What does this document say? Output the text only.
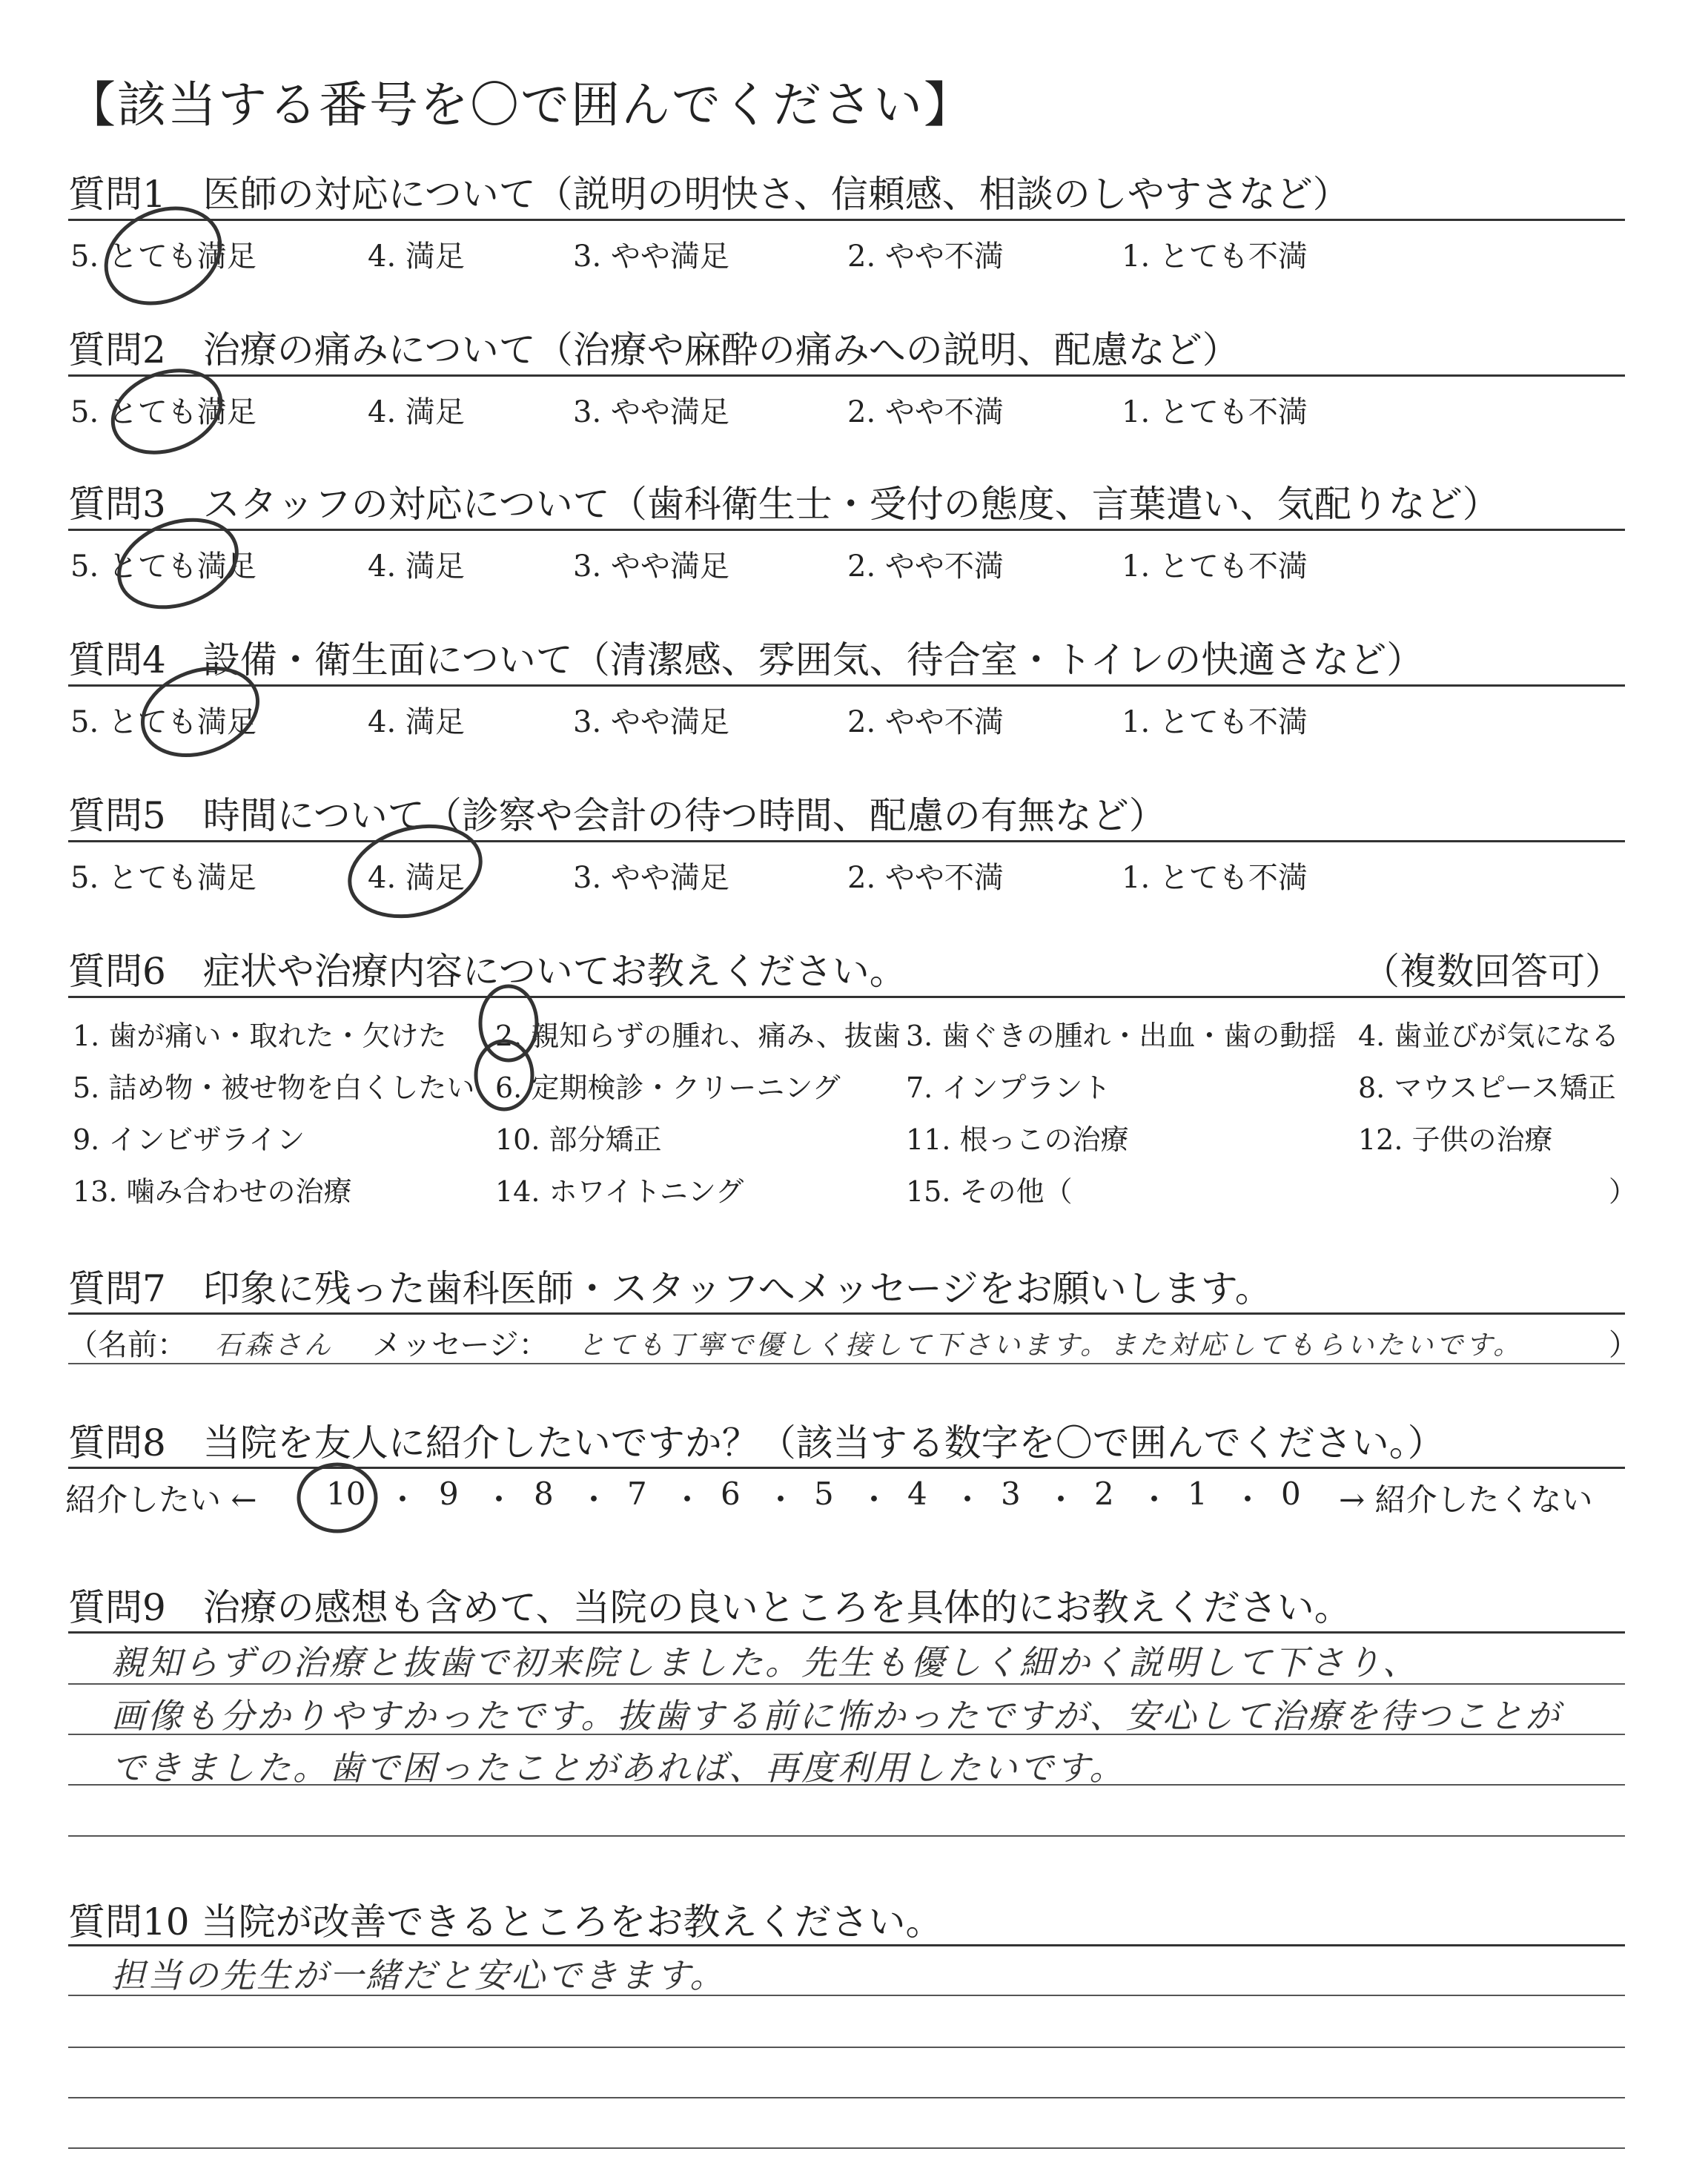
【該当する番号を〇で囲んでください】
質問1　医師の対応について（説明の明快さ、信頼感、相談のしやすさなど）
5. とても満足	4. 満足	3. やや満足	2. やや不満	1. とても不満
質問2　治療の痛みについて（治療や麻酔の痛みへの説明、配慮など）
5. とても満足	4. 満足	3. やや満足	2. やや不満	1. とても不満
質問3　スタッフの対応について（歯科衛生士・受付の態度、言葉遣い、気配りなど）
5. とても満足	4. 満足	3. やや満足	2. やや不満	1. とても不満
質問4　設備・衛生面について（清潔感、雰囲気、待合室・トイレの快適さなど）
5. とても満足	4. 満足	3. やや満足	2. やや不満	1. とても不満
質問5　時間について（診察や会計の待つ時間、配慮の有無など）
5. とても満足	4. 満足	3. やや満足	2. やや不満	1. とても不満
質問6　症状や治療内容についてお教えください。	（複数回答可）
1. 歯が痛い・取れた・欠けた 2. 親知らずの腫れ、痛み、抜歯 3. 歯ぐきの腫れ・出血・歯の動揺 4. 歯並びが気になる
5. 詰め物・被せ物を白くしたい 6. 定期検診・クリーニング 7. インプラント	8. マウスピース矯正
9. インビザライン	10. 部分矯正	11. 根っこの治療	12. 子供の治療
13. 噛み合わせの治療	14. ホワイトニング	15. その他（	）
質問7　印象に残った歯科医師・スタッフへメッセージをお願いします。
（名前： 石森さん メッセージ： とても丁寧で優しく接して下さいます。また対応してもらいたいです。	）
質問8　当院を友人に紹介したいですか？（該当する数字を〇で囲んでください。）
紹介したい ← 10 ・ 9 ・ 8 ・ 7 ・ 6 ・ 5 ・ 4 ・ 3 ・ 2 ・ 1 ・ 0 → 紹介したくない
質問9　治療の感想も含めて、当院の良いところを具体的にお教えください。
親知らずの治療と抜歯で初来院しました。先生も優しく細かく説明して下さり、
画像も分かりやすかったです。抜歯する前に怖かったですが、安心して治療を待つことが
できました。歯で困ったことがあれば、再度利用したいです。
質問10 当院が改善できるところをお教えください。
担当の先生が一緒だと安心できます。
